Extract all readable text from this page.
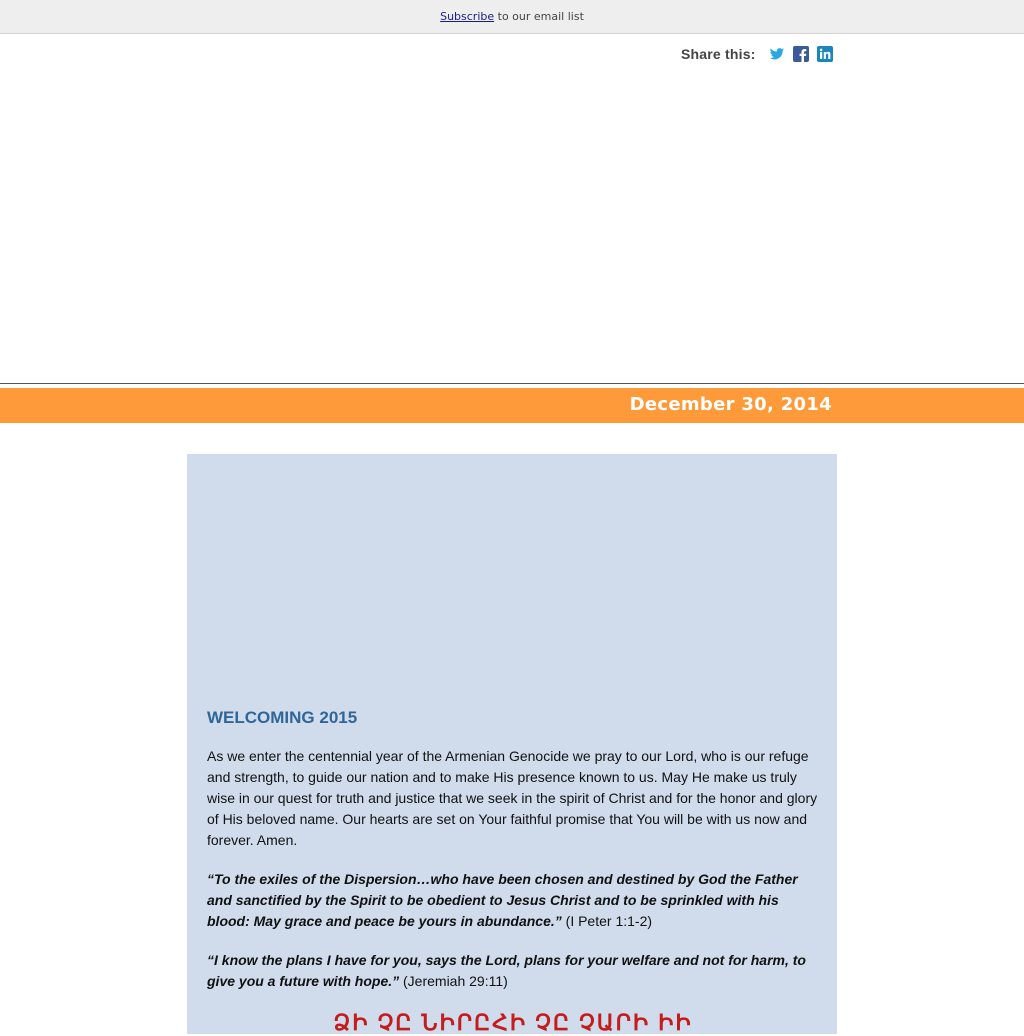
Subscribe to our email list
Share this:
December 30, 2014

WELCOMING 2015

As we enter the centennial year of the Armenian Genocide we pray to our Lord, who is our refuge and strength, to guide our nation and to make His presence known to us. May He make us truly wise in our quest for truth and justice that we seek in the spirit of Christ and for the honor and glory of His beloved name. Our hearts are set on Your faithful promise that You will be with us now and forever. Amen.

“To the exiles of the Dispersion…who have been chosen and destined by God the Father and sanctified by the Spirit to be obedient to Jesus Christ and to be sprinkled with his blood: May grace and peace be yours in abundance.” (I Peter 1:1-2)

“I know the plans I have for you, says the Lord, plans for your welfare and not for harm, to give you a future with hope.” (Jeremiah 29:11)

ՁԻ ՉԸ ՆԻՐԸՀԻ ՉԸ ՉԱՐԻ ԻԻ
